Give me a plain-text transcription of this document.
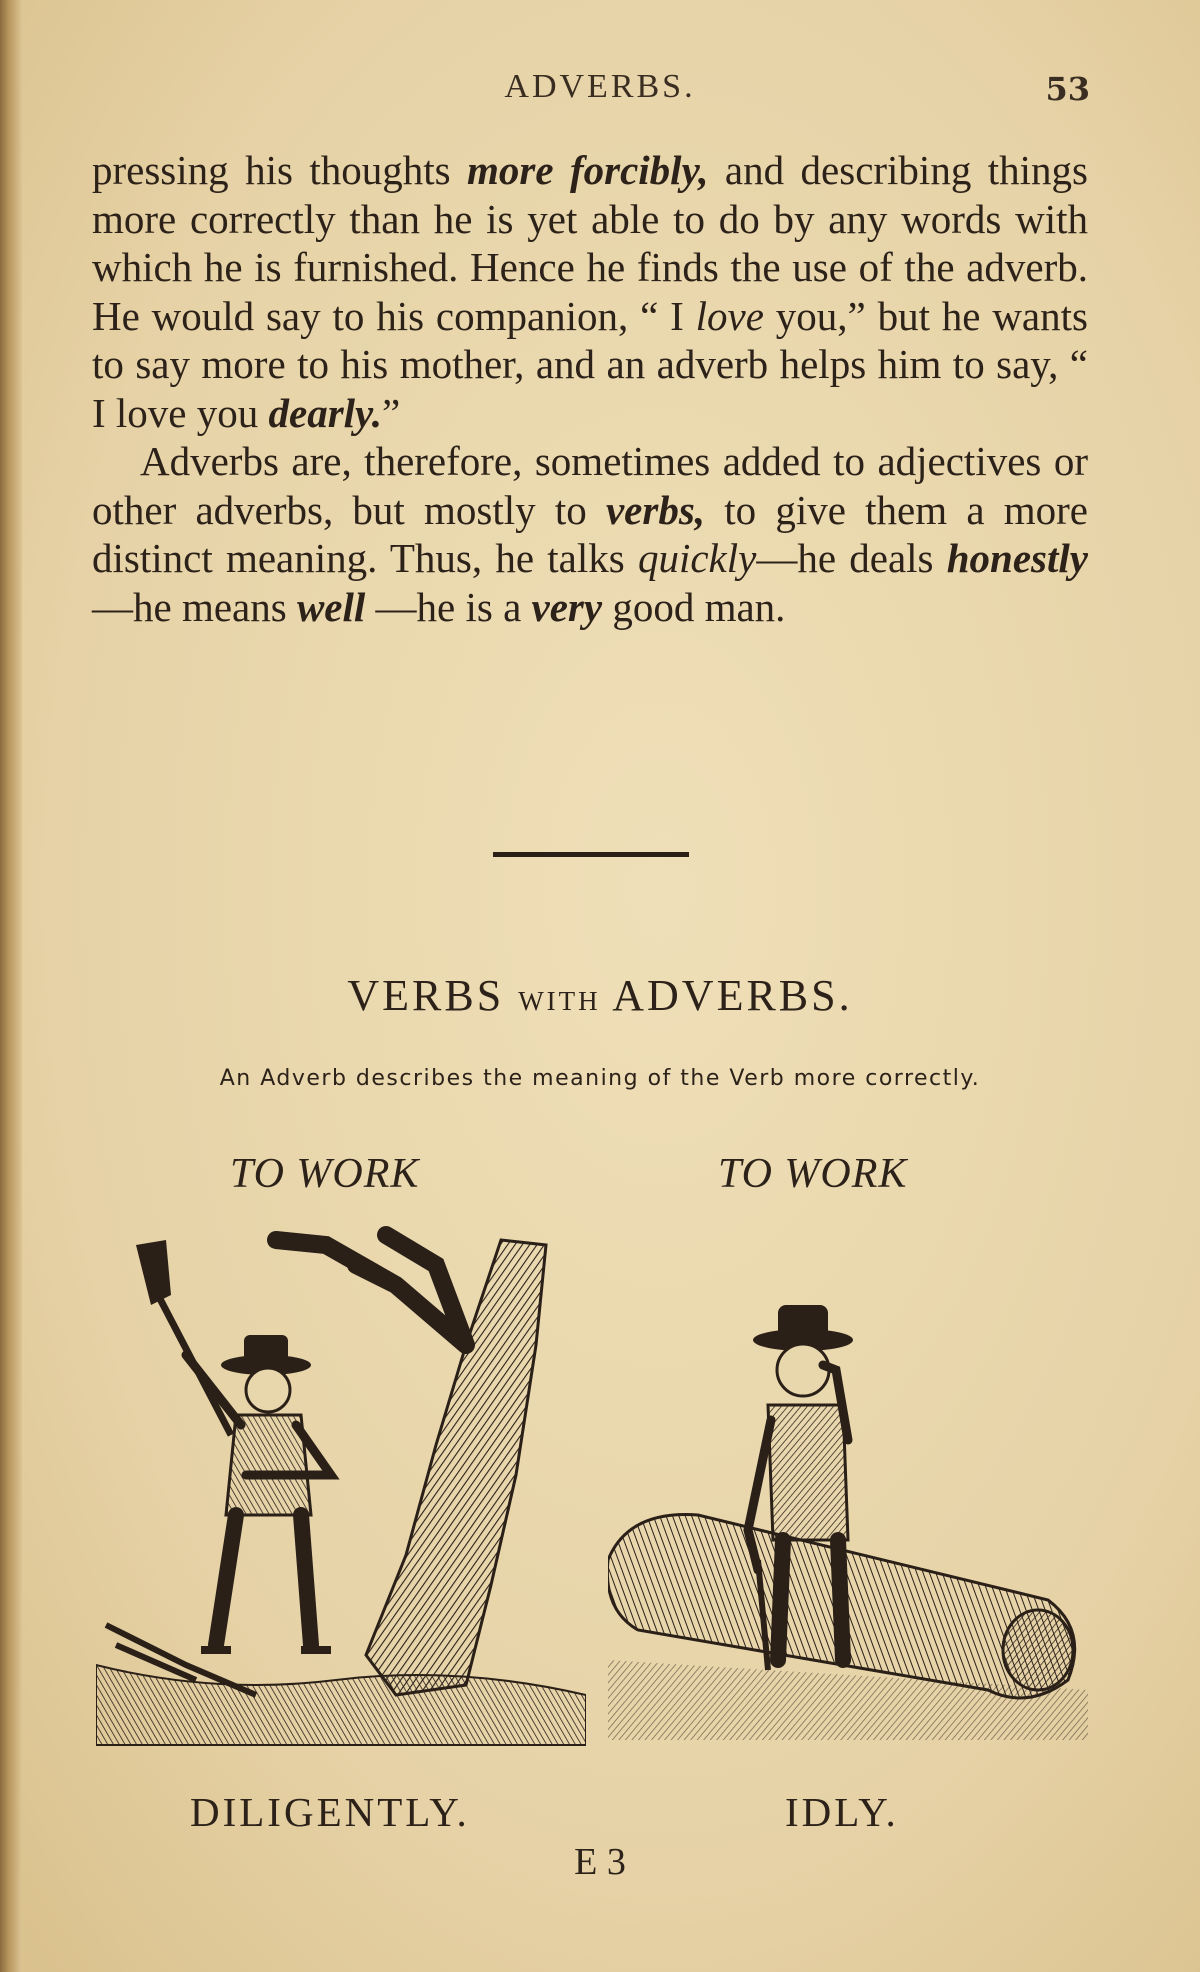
ADVERBS.	53

pressing his thoughts more forcibly, and describing things more correctly than he is yet able to do by any words with which he is furnished. Hence he finds the use of the adverb. He would say to his companion, “ I love you,” but he wants to say more to his mother, and an adverb helps him to say, “ I love you dearly.”

Adverbs are, therefore, sometimes added to adjectives or other adverbs, but mostly to verbs, to give them a more distinct meaning. Thus, he talks quickly—he deals honestly—he means well —he is a very good man.

VERBS WITH ADVERBS.
An Adverb describes the meaning of the Verb more correctly.
TO WORK	TO WORK
DILIGENTLY.	IDLY.
E 3
